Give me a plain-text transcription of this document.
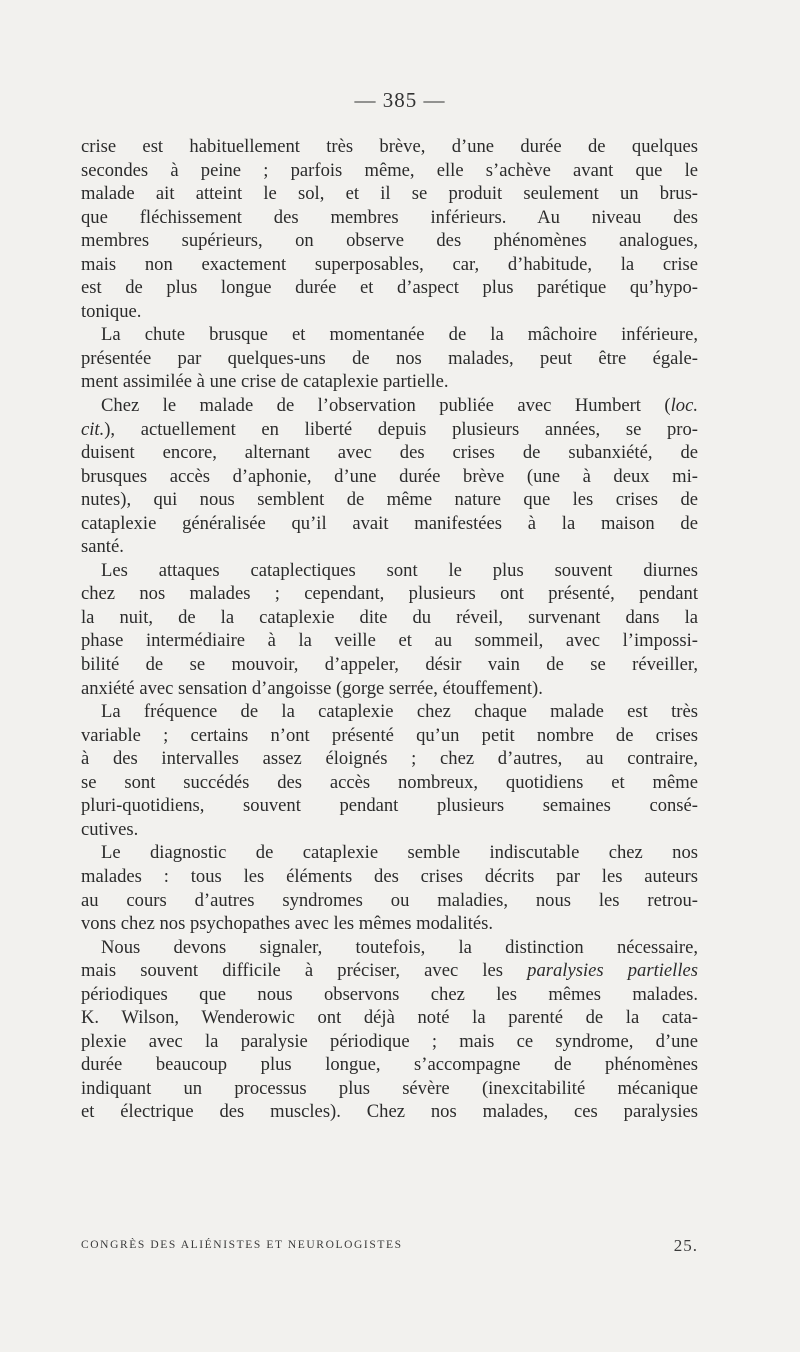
— 385 —
crise est habituellement très brève, d’une durée de quelques
secondes à peine ; parfois même, elle s’achève avant que le
malade ait atteint le sol, et il se produit seulement un brus-
que fléchissement des membres inférieurs. Au niveau des
membres supérieurs, on observe des phénomènes analogues,
mais non exactement superposables, car, d’habitude, la crise
est de plus longue durée et d’aspect plus parétique qu’hypo-
tonique.
La chute brusque et momentanée de la mâchoire inférieure,
présentée par quelques-uns de nos malades, peut être égale-
ment assimilée à une crise de cataplexie partielle.
Chez le malade de l’observation publiée avec Humbert (loc.
cit.), actuellement en liberté depuis plusieurs années, se pro-
duisent encore, alternant avec des crises de subanxiété, de
brusques accès d’aphonie, d’une durée brève (une à deux mi-
nutes), qui nous semblent de même nature que les crises de
cataplexie généralisée qu’il avait manifestées à la maison de
santé.
Les attaques cataplectiques sont le plus souvent diurnes
chez nos malades ; cependant, plusieurs ont présenté, pendant
la nuit, de la cataplexie dite du réveil, survenant dans la
phase intermédiaire à la veille et au sommeil, avec l’impossi-
bilité de se mouvoir, d’appeler, désir vain de se réveiller,
anxiété avec sensation d’angoisse (gorge serrée, étouffement).
La fréquence de la cataplexie chez chaque malade est très
variable ; certains n’ont présenté qu’un petit nombre de crises
à des intervalles assez éloignés ; chez d’autres, au contraire,
se sont succédés des accès nombreux, quotidiens et même
pluri-quotidiens, souvent pendant plusieurs semaines consé-
cutives.
Le diagnostic de cataplexie semble indiscutable chez nos
malades : tous les éléments des crises décrits par les auteurs
au cours d’autres syndromes ou maladies, nous les retrou-
vons chez nos psychopathes avec les mêmes modalités.
Nous devons signaler, toutefois, la distinction nécessaire,
mais souvent difficile à préciser, avec les paralysies partielles
périodiques que nous observons chez les mêmes malades.
K. Wilson, Wenderowic ont déjà noté la parenté de la cata-
plexie avec la paralysie périodique ; mais ce syndrome, d’une
durée beaucoup plus longue, s’accompagne de phénomènes
indiquant un processus plus sévère (inexcitabilité mécanique
et électrique des muscles). Chez nos malades, ces paralysies
CONGRÈS DES ALIÉNISTES ET NEUROLOGISTES	25.
